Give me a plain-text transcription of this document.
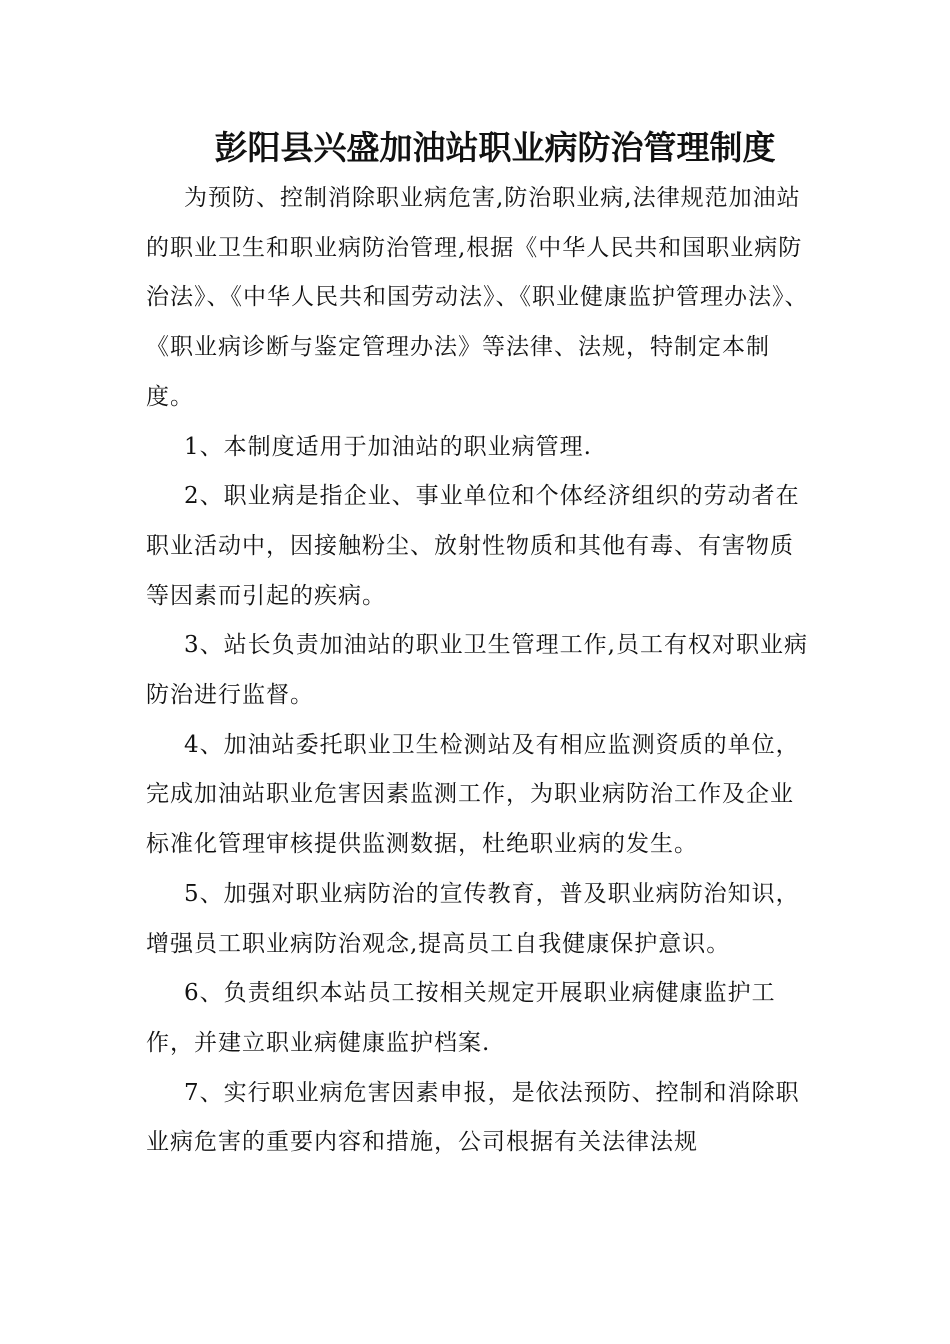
彭阳县兴盛加油站职业病防治管理制度

为预防、控制消除职业病危害,防治职业病,法律规范加油站的职业卫生和职业病防治管理,根据《中华人民共和国职业病防治法》、《中华人民共和国劳动法》、《职业健康监护管理办法》、《职业病诊断与鉴定管理办法》等法律、法规，特制定本制度。

1、本制度适用于加油站的职业病管理.

2、职业病是指企业、事业单位和个体经济组织的劳动者在职业活动中，因接触粉尘、放射性物质和其他有毒、有害物质等因素而引起的疾病。

3、站长负责加油站的职业卫生管理工作,员工有权对职业病防治进行监督。

4、加油站委托职业卫生检测站及有相应监测资质的单位，完成加油站职业危害因素监测工作，为职业病防治工作及企业标准化管理审核提供监测数据，杜绝职业病的发生。

5、加强对职业病防治的宣传教育，普及职业病防治知识，增强员工职业病防治观念,提高员工自我健康保护意识。

6、负责组织本站员工按相关规定开展职业病健康监护工作，并建立职业病健康监护档案.

7、实行职业病危害因素申报，是依法预防、控制和消除职业病危害的重要内容和措施，公司根据有关法律法规
